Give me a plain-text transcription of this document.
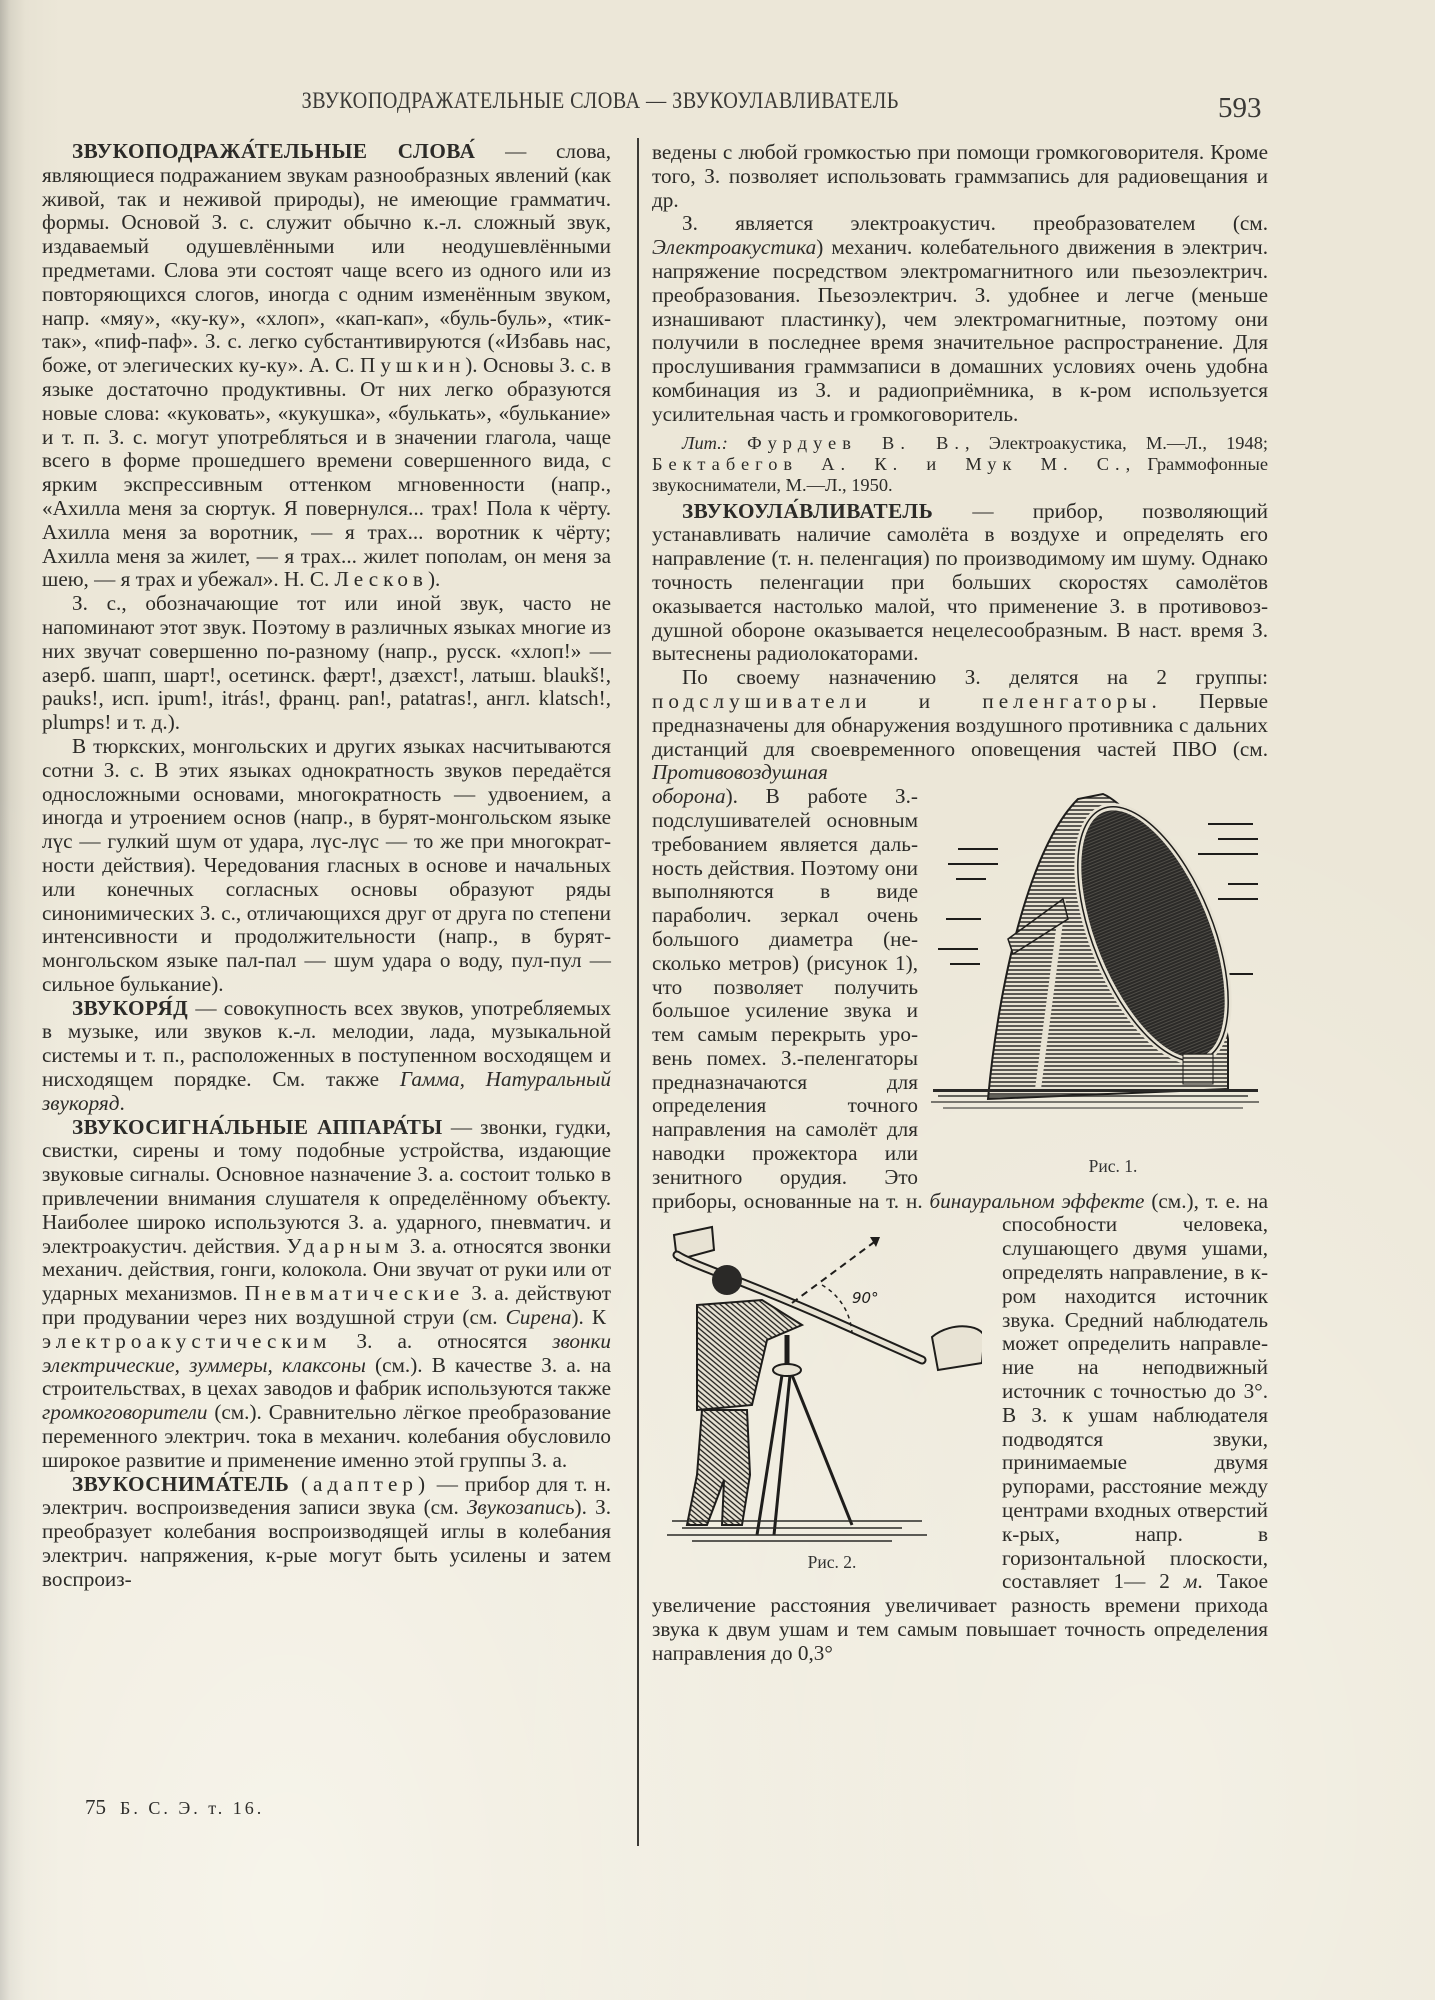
ЗВУКОПОДРАЖАТЕЛЬНЫЕ СЛОВА — ЗВУКОУЛАВЛИВАТЕЛЬ	593

ЗВУКОПОДРАЖА́ТЕЛЬНЫЕ СЛОВА́ — слова, являющиеся подражанием звукам разнообразных явлений (как живой, так и неживой природы), не имеющие грамматич. формы. Основой З. с. служит обычно к.-л. сложный звук, издаваемый одушевлёнными или неодушевлёнными предметами. Слова эти состоят чаще всего из одного или из повторяющихся слогов, иногда с одним изменённым звуком, напр. «мяу», «ку-ку», «хлоп», «кап-кап», «буль-буль», «тиктак», «пиф-паф». З. с. легко субстантивируются («Избавь нас, боже, от элегических ку-ку». А. С. Пушкин). Основы З. с. в языке достаточно продуктивны. От них легко образуются новые слова: «куковать», «кукушка», «булькать», «булькание» и т. п. З. с. могут употребляться и в значении глагола, чаще всего в форме прошедшего времени совершенного вида, с ярким экспрессивным оттенком мгновенности (напр., «Ахилла меня за сюртук. Я повернулся... трах! Пола к чёрту. Ахилла меня за воротник, — я трах... воротник к чёрту; Ахилла меня за жилет, — я трах... жилет пополам, он меня за шею, — я трах и убежал». Н. С. Лесков).

З. с., обозначающие тот или иной звук, часто не напоминают этот звук. Поэтому в различных языках многие из них звучат совершенно по-разному (напр., русск. «хлоп!» — азерб. шапп, шарт!, осетинск. фæрт!, дзæхст!, латыш. blaukš!, pauks!, исп. ipum!, itrás!, франц. pan!, patatras!, англ. klatsch!, plumps! и т. д.).

В тюркских, монгольских и других языках насчитываются сотни З. с. В этих языках однократность звуков передаётся односложными основами, многократность — удвоением, а иногда и утроением основ (напр., в бурят-монгольском языке лүс — гулкий шум от удара, лүс-лүс — то же при многократности действия). Чередования гласных в основе и начальных или конечных согласных основы образуют ряды синонимических З. с., отличающихся друг от друга по степени интенсивности и продолжительности (напр., в бурят-монгольском языке пал-пал — шум удара о воду, пул-пул — сильное булькание).

ЗВУКОРЯ́Д — совокупность всех звуков, употребляемых в музыке, или звуков к.-л. мелодии, лада, музыкальной системы и т. п., расположенных в поступенном восходящем и нисходящем порядке. См. также Гамма, Натуральный звукоряд.

ЗВУКОСИГНА́ЛЬНЫЕ АППАРА́ТЫ — звонки, гудки, свистки, сирены и тому подобные устройства, издающие звуковые сигналы. Основное назначение З. а. состоит только в привлечении внимания слушателя к определённому объекту. Наиболее широко используются З. а. ударного, пневматич. и электроакустич. действия. Ударным З. а. относятся звонки механич. действия, гонги, колокола. Они звучат от руки или от ударных механизмов. Пневматические З. а. действуют при продувании через них воздушной струи (см. Сирена). К электроакустическим З. а. относятся звонки электрические, зуммеры, клаксоны (см.). В качестве З. а. на строительствах, в цехах заводов и фабрик используются также громкоговорители (см.). Сравнительно лёгкое преобразование переменного электрич. тока в механич. колебания обусловило широкое развитие и применение именно этой группы З. а.

ЗВУКОСНИМА́ТЕЛЬ (адаптер) — прибор для т. н. электрич. воспроизведения записи звука (см. Звукозапись). З. преобразует колебания воспроизводящей иглы в колебания электрич. напряжения, к-рые могут быть усилены и затем воспроиз-

ведены с любой громкостью при помощи громкоговорителя. Кроме того, З. позволяет использовать граммзапись для радиовещания и др.

З. является электроакустич. преобразователем (см. Электроакустика) механич. колебательного движения в электрич. напряжение посредством электромагнитного или пьезоэлектрич. преобразования. Пьезоэлектрич. З. удобнее и легче (меньше изнашивают пластинку), чем электромагнитные, поэтому они получили в последнее время значительное распространение. Для прослушивания граммзаписи в домашних условиях очень удобна комбинация из З. и радиоприёмника, в к-ром используется усилительная часть и громкоговоритель.

Лит.: Фурдуев В. В., Электроакустика, М.—Л., 1948; Бектабегов А. К. и Мук М. С., Граммофонные звукосниматели, М.—Л., 1950.

ЗВУКОУЛА́ВЛИВАТЕЛЬ — прибор, позволяющий устанавливать наличие самолёта в воздухе и определять его направление (т. н. пеленгация) по производимому им шуму. Однако точность пеленгации при больших скоростях самолётов оказывается настолько малой, что применение З. в противовоздушной обороне оказывается нецелесообразным. В наст. время З. вытеснены радиолокаторами.

По своему назначению З. делятся на 2 группы: подслушиватели и пеленгаторы. Первые предназначены для обнаружения воздушного противника с дальних дистанций для своевременного оповещения частей ПВО (см. Противовоздушная оборона
Рис. 1.
). В работе З.-подслушивателей основным требованием является дальность действия. Поэтому они выполняются в виде параболич. зеркал очень большого диаметра (несколько метров) (рисунок 1), что позволяет получить большое усиление звука и тем самым перекрыть уровень помех. З.-пеленгаторы предназначаются для определения точного направления на самолёт для наводки прожектора или зенитного орудия. Это приборы, основанные на т. н. бинауральном эффекте
90°
Рис. 2.
(см.), т. е. на способности человека, слушающего двумя ушами, определять направление, в к-ром находится источник звука. Средний наблюдатель может определить направление на неподвижный источник с точностью до 3°. В З. к ушам наблюдателя подводятся звуки, принимаемые двумя рупорами, расстояние между центрами входных отверстий к-рых, напр. в горизонтальной плоскости, составляет 1— 2 м. Такое увеличение расстояния увеличивает разность времени прихода звука к двум ушам и тем самым повышает точность определения направления до 0,3°

75 Б. С. Э. т. 16.
